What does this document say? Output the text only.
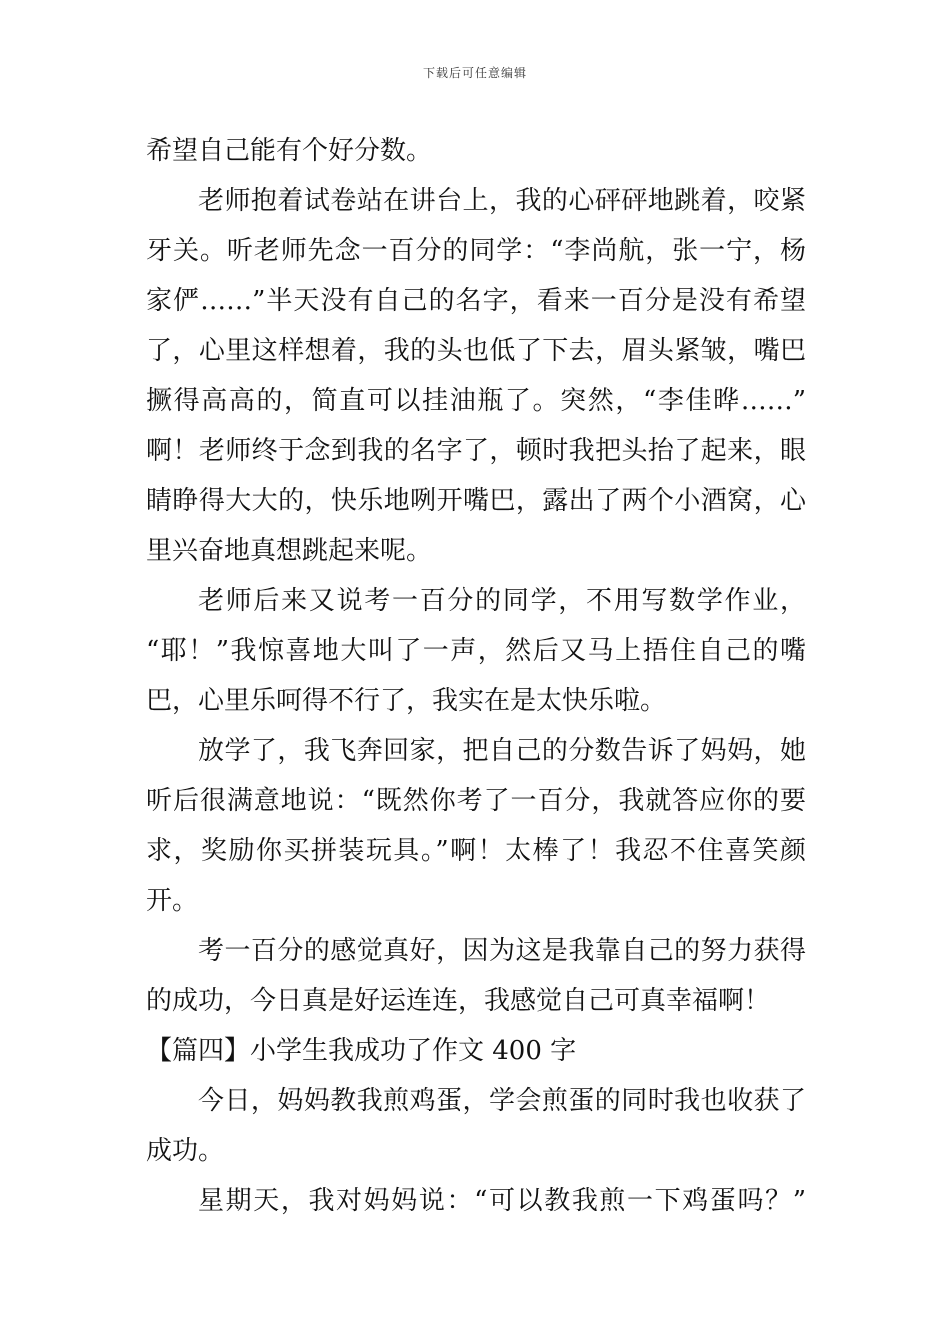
下载后可任意编辑
希望自己能有个好分数。
老师抱着试卷站在讲台上，我的心砰砰地跳着，咬紧
牙关。听老师先念一百分的同学：“李尚航，张一宁，杨
家俨……”半天没有自己的名字，看来一百分是没有希望
了，心里这样想着，我的头也低了下去，眉头紧皱，嘴巴
撅得高高的，简直可以挂油瓶了。突然，“李佳晔……”
啊！老师终于念到我的名字了，顿时我把头抬了起来，眼
睛睁得大大的，快乐地咧开嘴巴，露出了两个小酒窝，心
里兴奋地真想跳起来呢。
老师后来又说考一百分的同学，不用写数学作业，
“耶！”我惊喜地大叫了一声，然后又马上捂住自己的嘴
巴，心里乐呵得不行了，我实在是太快乐啦。
放学了，我飞奔回家，把自己的分数告诉了妈妈，她
听后很满意地说：“既然你考了一百分，我就答应你的要
求，奖励你买拼装玩具。”啊！太棒了！我忍不住喜笑颜
开。
考一百分的感觉真好，因为这是我靠自己的努力获得
的成功，今日真是好运连连，我感觉自己可真幸福啊！
【篇四】小学生我成功了作文 400 字
今日，妈妈教我煎鸡蛋，学会煎蛋的同时我也收获了
成功。
星期天，我对妈妈说：“可以教我煎一下鸡蛋吗？”
